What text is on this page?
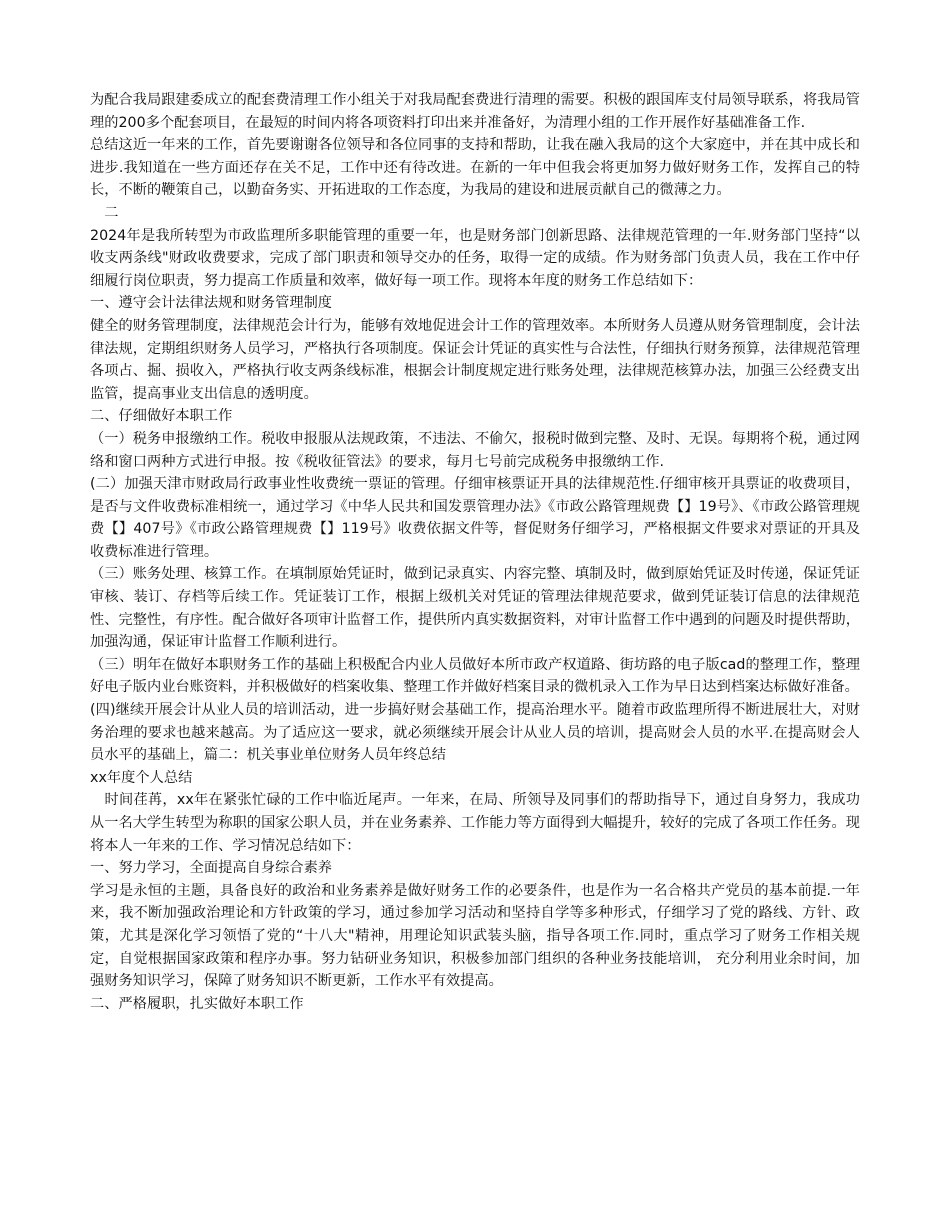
为配合我局跟建委成立的配套费清理工作小组关于对我局配套费进行清理的需要。积极的跟国库支付局领导联系，将我局管理的200多个配套项目，在最短的时间内将各项资料打印出来并准备好，为清理小组的工作开展作好基础准备工作.

总结这近一年来的工作，首先要谢谢各位领导和各位同事的支持和帮助，让我在融入我局的这个大家庭中，并在其中成长和进步.我知道在一些方面还存在关不足，工作中还有待改进。在新的一年中但我会将更加努力做好财务工作，发挥自己的特长，不断的鞭策自己，以勤奋务实、开拓进取的工作态度，为我局的建设和进展贡献自己的微薄之力。

　二

2024年是我所转型为市政监理所多职能管理的重要一年，也是财务部门创新思路、法律规范管理的一年.财务部门坚持“以收支两条线"财政收费要求，完成了部门职责和领导交办的任务，取得一定的成绩。作为财务部门负责人员，我在工作中仔细履行岗位职责，努力提高工作质量和效率，做好每一项工作。现将本年度的财务工作总结如下：

一、遵守会计法律法规和财务管理制度

健全的财务管理制度，法律规范会计行为，能够有效地促进会计工作的管理效率。本所财务人员遵从财务管理制度，会计法律法规，定期组织财务人员学习，严格执行各项制度。保证会计凭证的真实性与合法性，仔细执行财务预算，法律规范管理各项占、掘、损收入，严格执行收支两条线标准，根据会计制度规定进行账务处理，法律规范核算办法，加强三公经费支出监管，提高事业支出信息的透明度。

二、仔细做好本职工作

（一）税务申报缴纳工作。税收申报服从法规政策，不违法、不偷欠，报税时做到完整、及时、无误。每期将个税，通过网络和窗口两种方式进行申报。按《税收征管法》的要求，每月七号前完成税务申报缴纳工作.

(二）加强天津市财政局行政事业性收费统一票证的管理。仔细审核票证开具的法律规范性.仔细审核开具票证的收费项目，是否与文件收费标准相统一，通过学习《中华人民共和国发票管理办法》《市政公路管理规费【】19号》、《市政公路管理规费【】407号》《市政公路管理规费【】119号》收费依据文件等，督促财务仔细学习，严格根据文件要求对票证的开具及收费标准进行管理。

（三）账务处理、核算工作。在填制原始凭证时，做到记录真实、内容完整、填制及时，做到原始凭证及时传递，保证凭证审核、装订、存档等后续工作。凭证装订工作，根据上级机关对凭证的管理法律规范要求，做到凭证装订信息的法律规范性、完整性，有序性。配合做好各项审计监督工作，提供所内真实数据资料，对审计监督工作中遇到的问题及时提供帮助，加强沟通，保证审计监督工作顺利进行。

（三）明年在做好本职财务工作的基础上积极配合内业人员做好本所市政产权道路、街坊路的电子版cad的整理工作，整理好电子版内业台账资料，并积极做好的档案收集、整理工作并做好档案目录的微机录入工作为早日达到档案达标做好准备。

(四)继续开展会计从业人员的培训活动，进一步搞好财会基础工作，提高治理水平。随着市政监理所得不断进展壮大，对财务治理的要求也越来越高。为了适应这一要求，就必须继续开展会计从业人员的培训，提高财会人员的水平.在提高财会人员水平的基础上，篇二：机关事业单位财务人员年终总结

xx年度个人总结

　时间荏苒，xx年在紧张忙碌的工作中临近尾声。一年来，在局、所领导及同事们的帮助指导下，通过自身努力，我成功从一名大学生转型为称职的国家公职人员，并在业务素养、工作能力等方面得到大幅提升，较好的完成了各项工作任务。现将本人一年来的工作、学习情况总结如下：

一、努力学习，全面提高自身综合素养

学习是永恒的主题，具备良好的政治和业务素养是做好财务工作的必要条件，也是作为一名合格共产党员的基本前提.一年来，我不断加强政治理论和方针政策的学习，通过参加学习活动和坚持自学等多种形式，仔细学习了党的路线、方针、政策，尤其是深化学习领悟了党的“十八大"精神，用理论知识武装头脑，指导各项工作.同时，重点学习了财务工作相关规定，自觉根据国家政策和程序办事。努力钻研业务知识，积极参加部门组织的各种业务技能培训， 充分利用业余时间，加强财务知识学习，保障了财务知识不断更新，工作水平有效提高。

二、严格履职，扎实做好本职工作
